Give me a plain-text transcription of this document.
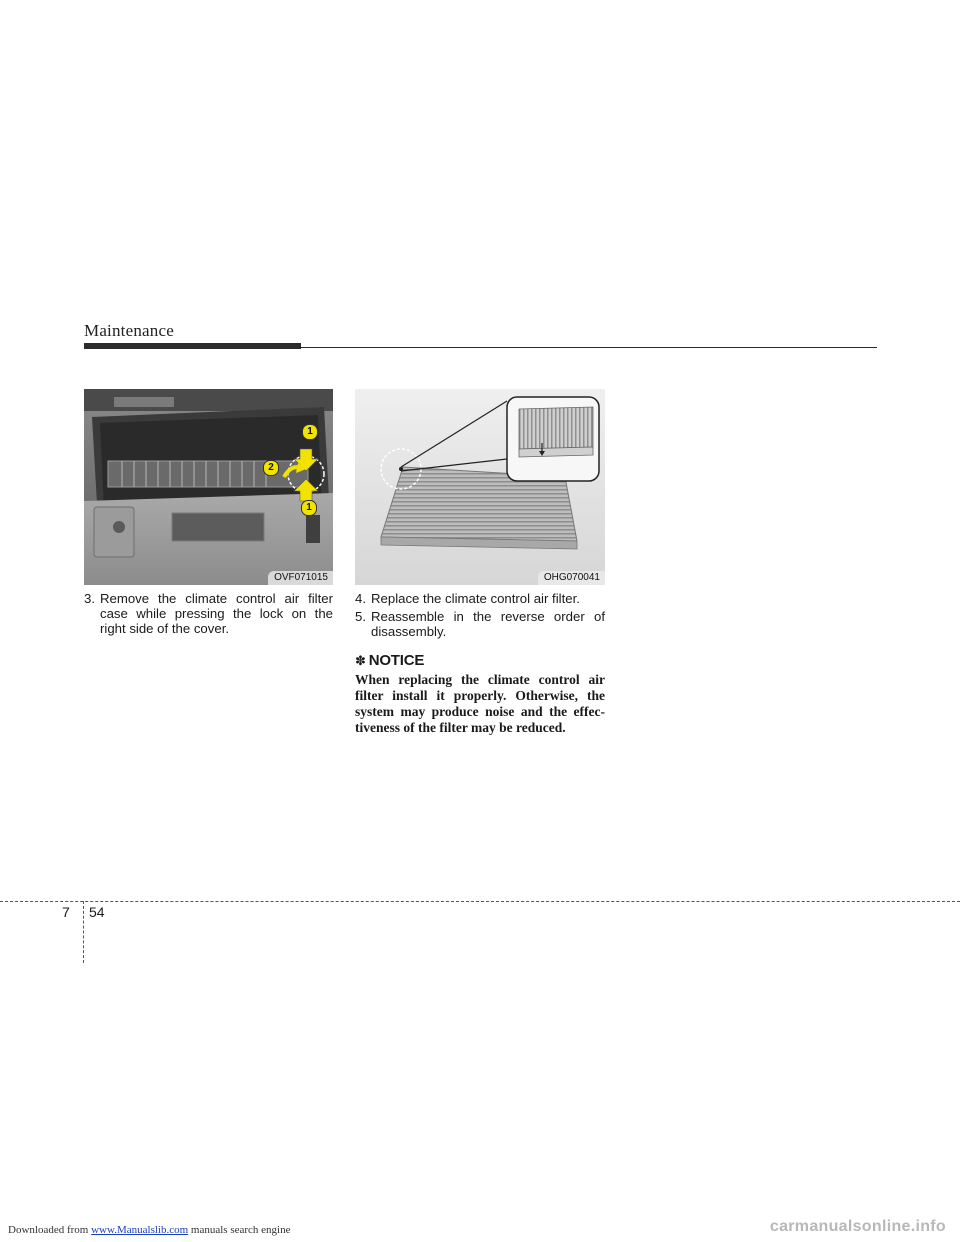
Maintenance
1
2
1
OVF071015	OHG070041
3. Remove the climate control air filter case while pressing the lock on the right side of the cover.
4. Replace the climate control air filter.
5. Reassemble in the reverse order of disassembly.
✽ NOTICE
When replacing the climate control air filter install it properly. Otherwise, the system may produce noise and the effec-tiveness of the filter may be reduced.
7 54
Downloaded from www.Manualslib.com manuals search engine	carmanualsonline.info
